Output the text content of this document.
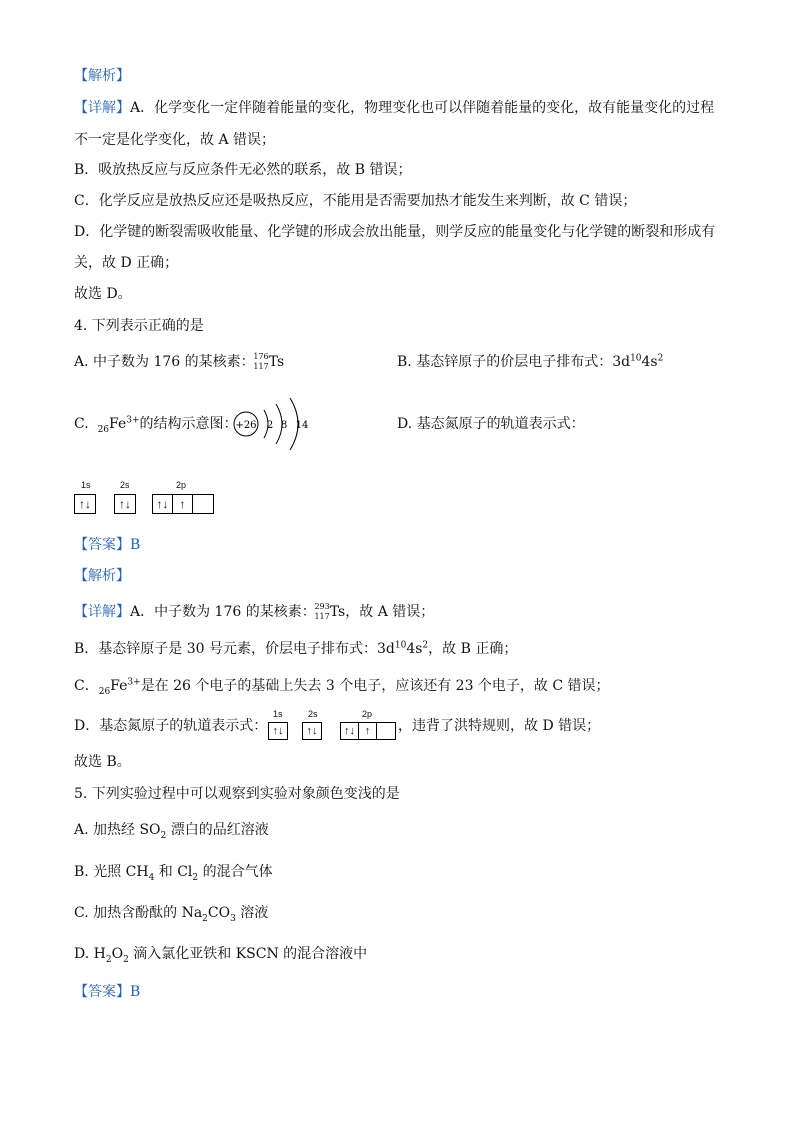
【解析】
【详解】A．化学变化一定伴随着能量的变化，物理变化也可以伴随着能量的变化，故有能量变化的过程
不一定是化学变化，故 A 错误；
B．吸放热反应与反应条件无必然的联系，故 B 错误；
C．化学反应是放热反应还是吸热反应，不能用是否需要加热才能发生来判断，故 C 错误；
D．化学键的断裂需吸收能量、化学键的形成会放出能量，则学反应的能量变化与化学键的断裂和形成有
关，故 D 正确；
故选 D。
4. 下列表示正确的是
A. 中子数为 176 的某核素：
176
117 Ts	B. 基态锌原子的价层电子排布式：$3d^{10}4s^2$
C. $_{26}Fe^{3+}$的结构示意图：
+26 2 8 14	D. 基态氮原子的轨道表示式：
1s	2s	2p
↑↓	↑↓	↑↓ ↑
【答案】B
【解析】
【详解】A．中子数为 176 的某核素：
293
117 Ts，故 A 错误；
B．基态锌原子是 30 号元素，价层电子排布式：$3d^{10}4s^2$，故 B 正确；
C．$_{26}Fe^{3+}$是在 26 个电子的基础上失去 3 个电子，应该还有 23 个电子，故 C 错误；
D．基态氮原子的轨道表示式：
1s	2s	2p
↑↓	↑↓	↑↓ ↑	，违背了洪特规则，故 D 错误；
故选 B。
5. 下列实验过程中可以观察到实验对象颜色变浅的是
A. 加热经 $SO_2$ 漂白的品红溶液
B. 光照 $CH_4$ 和 $Cl_2$ 的混合气体
C. 加热含酚酞的 $Na_2CO_3$ 溶液
D. $H_2O_2$ 滴入氯化亚铁和 KSCN 的混合溶液中
【答案】B
